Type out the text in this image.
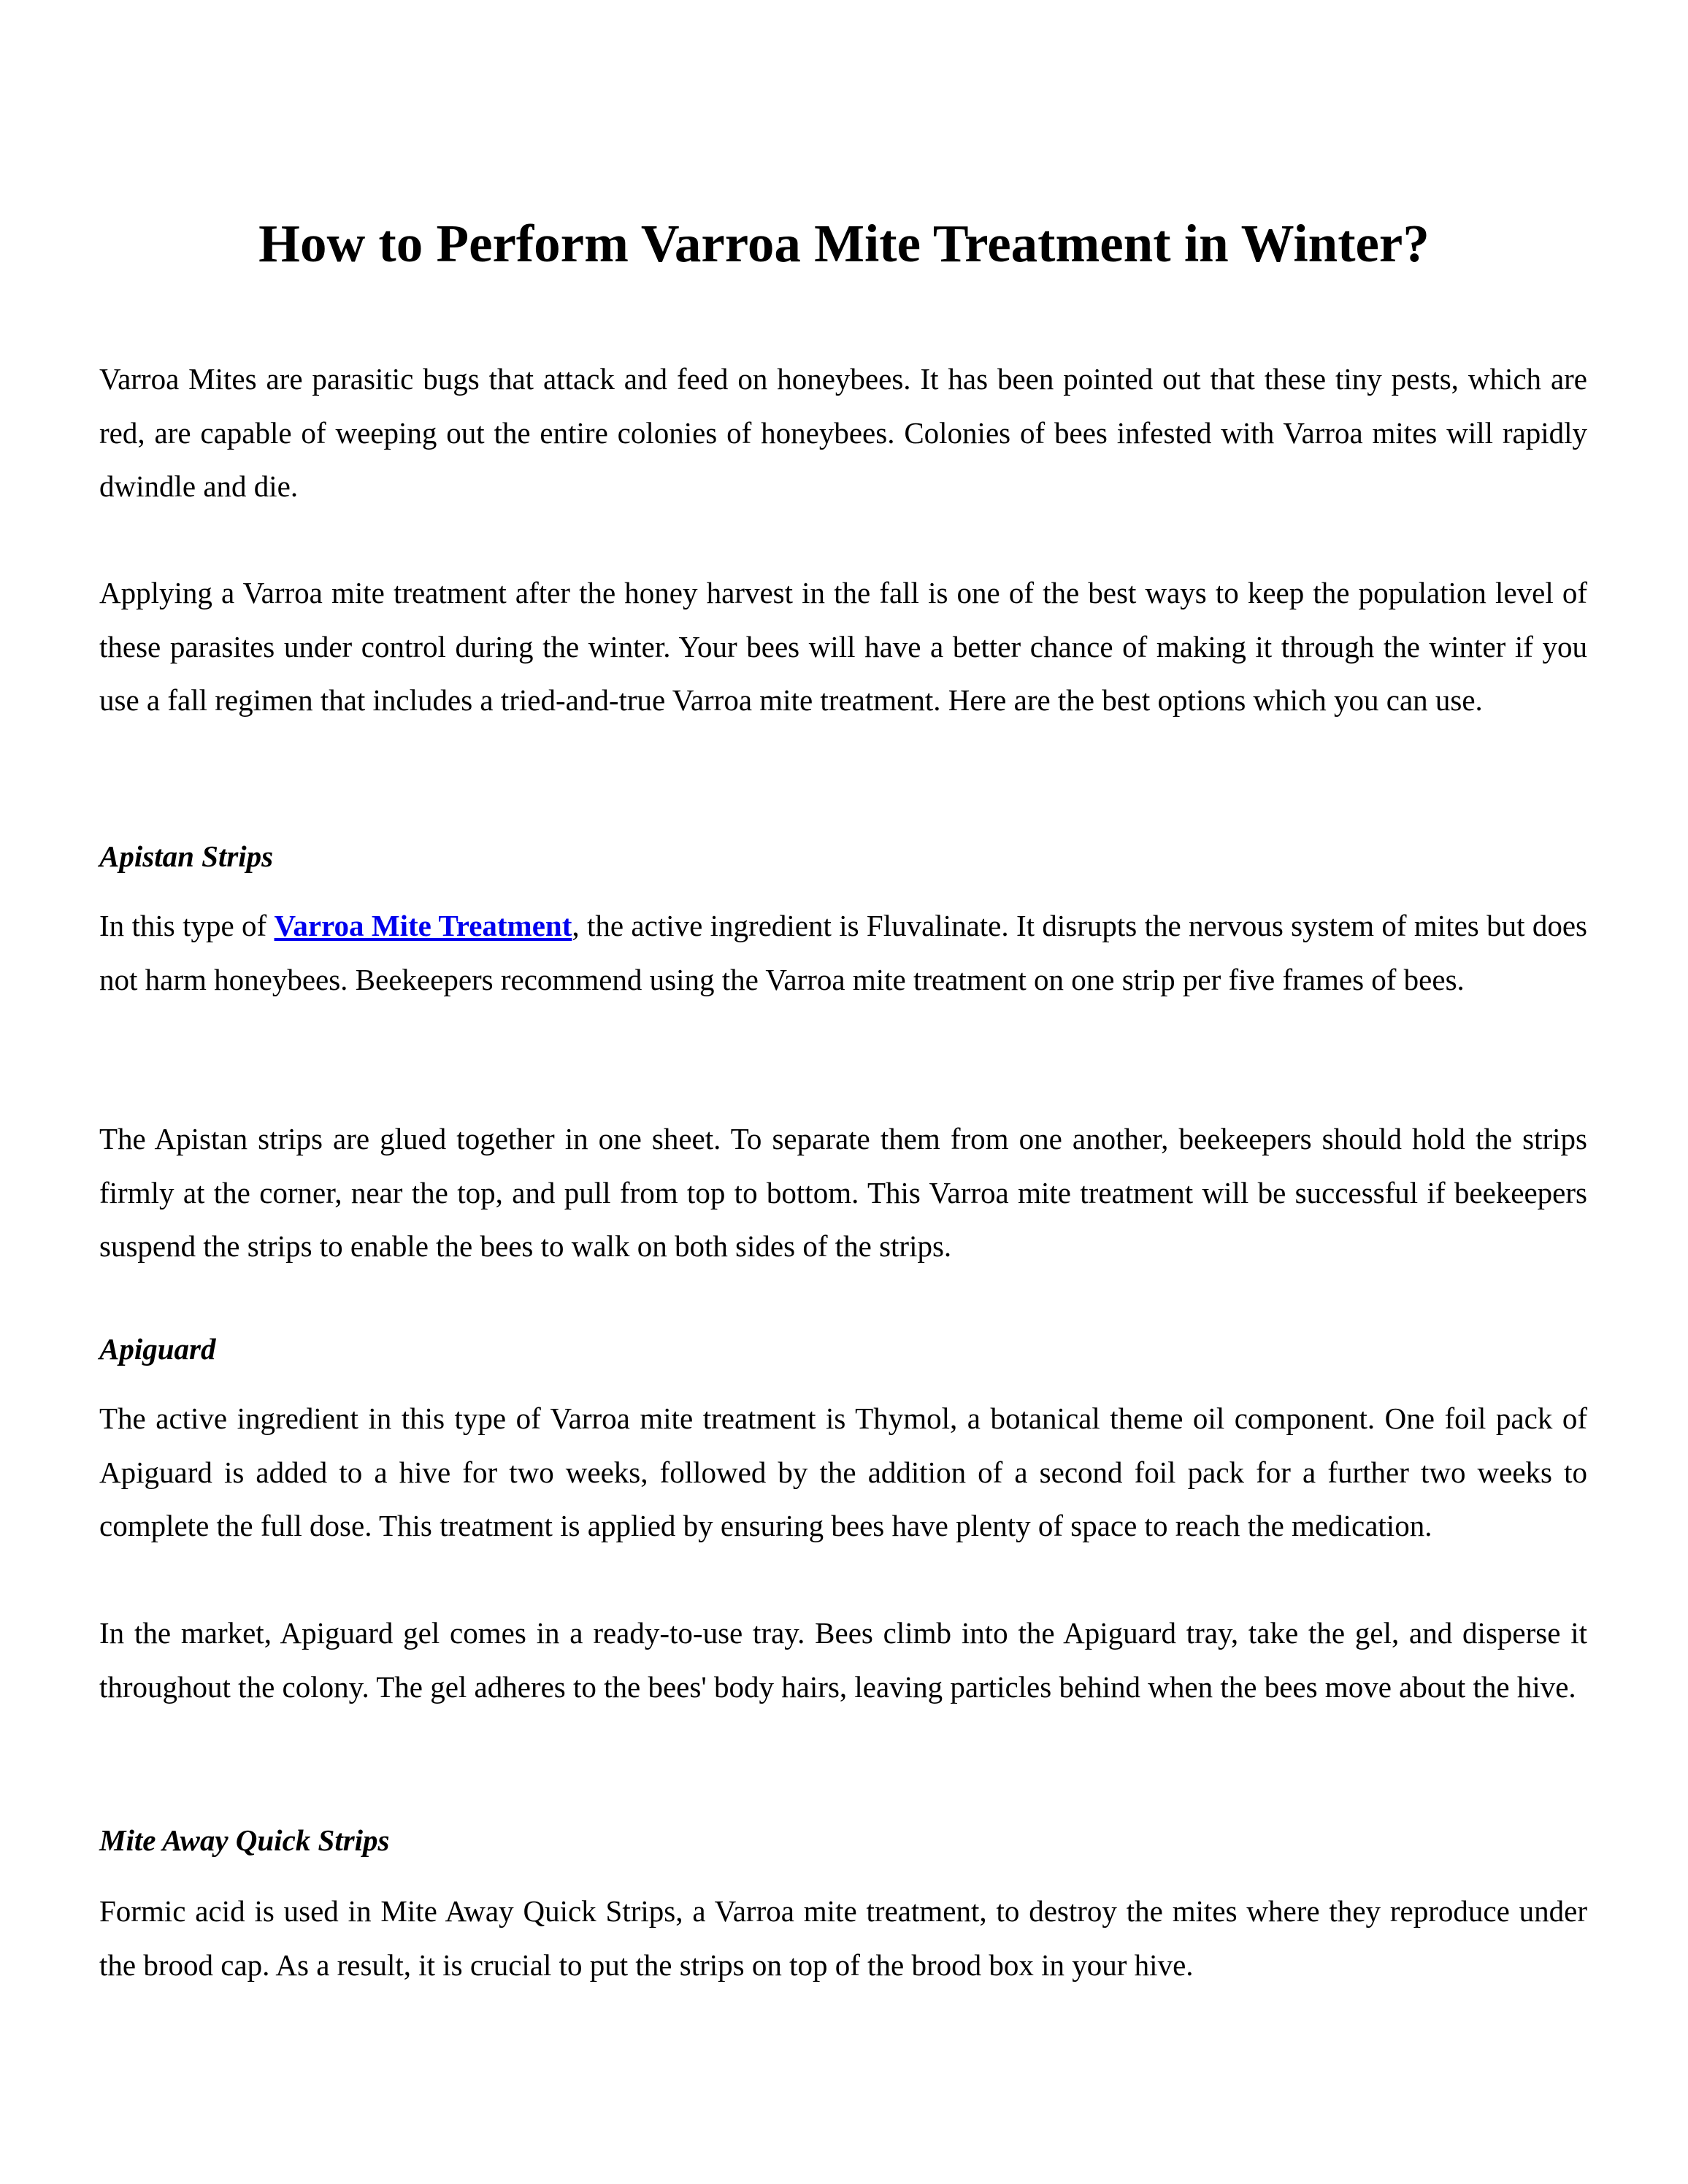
How to Perform Varroa Mite Treatment in Winter?

Varroa Mites are parasitic bugs that attack and feed on honeybees. It has been pointed out that these tiny pests, which are red, are capable of weeping out the entire colonies of honeybees. Colonies of bees infested with Varroa mites will rapidly dwindle and die.

Applying a Varroa mite treatment after the honey harvest in the fall is one of the best ways to keep the population level of these parasites under control during the winter. Your bees will have a better chance of making it through the winter if you use a fall regimen that includes a tried-and-true Varroa mite treatment. Here are the best options which you can use.

Apistan Strips

In this type of Varroa Mite Treatment, the active ingredient is Fluvalinate. It disrupts the nervous system of mites but does not harm honeybees. Beekeepers recommend using the Varroa mite treatment on one strip per five frames of bees.

The Apistan strips are glued together in one sheet. To separate them from one another, beekeepers should hold the strips firmly at the corner, near the top, and pull from top to bottom. This Varroa mite treatment will be successful if beekeepers suspend the strips to enable the bees to walk on both sides of the strips.

Apiguard

The active ingredient in this type of Varroa mite treatment is Thymol, a botanical theme oil component. One foil pack of Apiguard is added to a hive for two weeks, followed by the addition of a second foil pack for a further two weeks to complete the full dose. This treatment is applied by ensuring bees have plenty of space to reach the medication.

In the market, Apiguard gel comes in a ready-to-use tray. Bees climb into the Apiguard tray, take the gel, and disperse it throughout the colony. The gel adheres to the bees' body hairs, leaving particles behind when the bees move about the hive.

Mite Away Quick Strips

Formic acid is used in Mite Away Quick Strips, a Varroa mite treatment, to destroy the mites where they reproduce under the brood cap. As a result, it is crucial to put the strips on top of the brood box in your hive.
